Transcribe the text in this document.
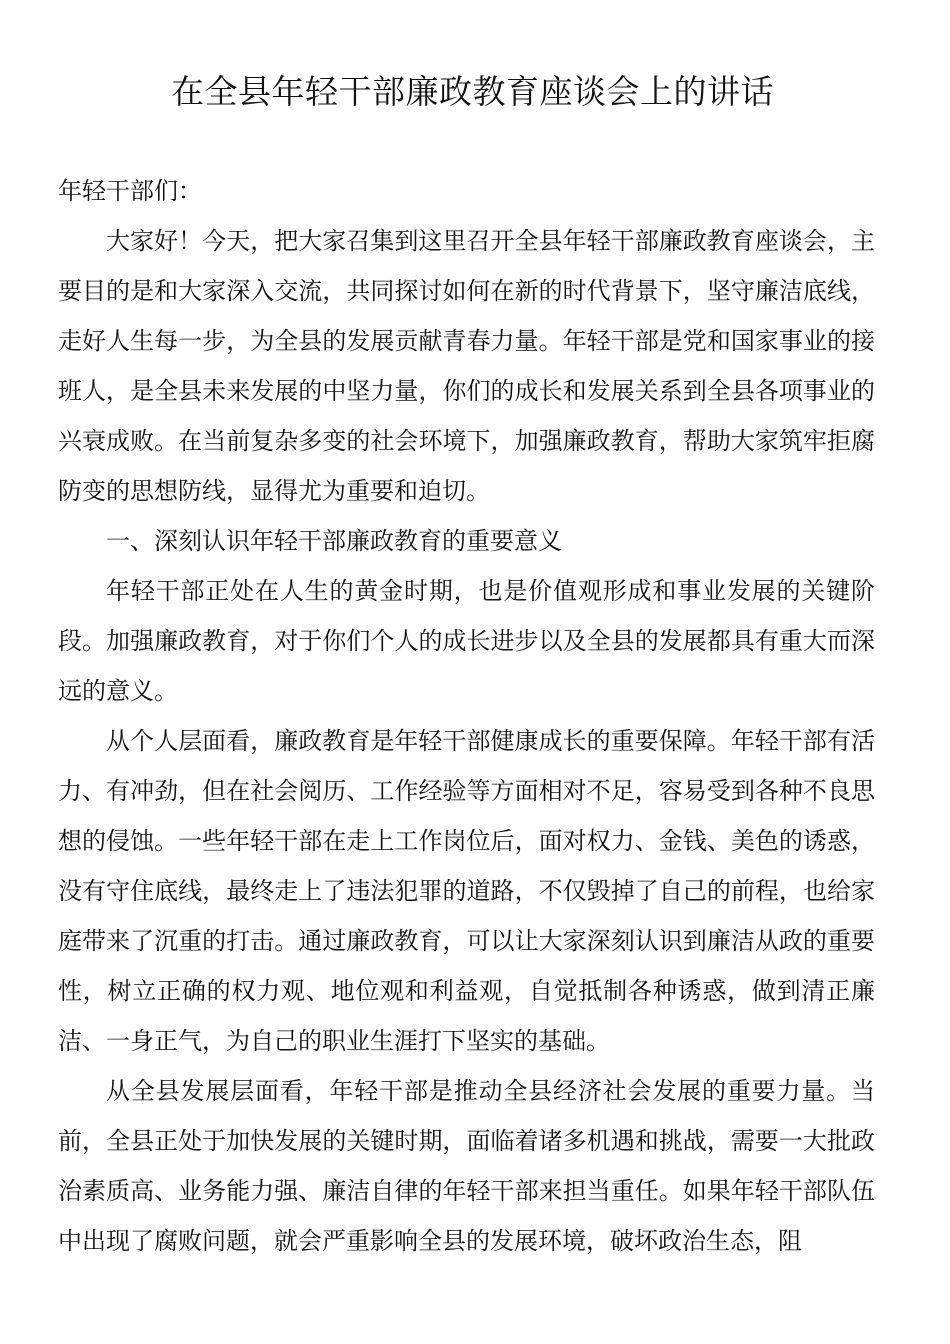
在全县年轻干部廉政教育座谈会上的讲话

年轻干部们：

大家好！今天，把大家召集到这里召开全县年轻干部廉政教育座谈会，主要目的是和大家深入交流，共同探讨如何在新的时代背景下，坚守廉洁底线，走好人生每一步，为全县的发展贡献青春力量。年轻干部是党和国家事业的接班人，是全县未来发展的中坚力量，你们的成长和发展关系到全县各项事业的兴衰成败。在当前复杂多变的社会环境下，加强廉政教育，帮助大家筑牢拒腐防变的思想防线，显得尤为重要和迫切。

一、深刻认识年轻干部廉政教育的重要意义

年轻干部正处在人生的黄金时期，也是价值观形成和事业发展的关键阶段。加强廉政教育，对于你们个人的成长进步以及全县的发展都具有重大而深远的意义。

从个人层面看，廉政教育是年轻干部健康成长的重要保障。年轻干部有活力、有冲劲，但在社会阅历、工作经验等方面相对不足，容易受到各种不良思想的侵蚀。一些年轻干部在走上工作岗位后，面对权力、金钱、美色的诱惑，没有守住底线，最终走上了违法犯罪的道路，不仅毁掉了自己的前程，也给家庭带来了沉重的打击。通过廉政教育，可以让大家深刻认识到廉洁从政的重要性，树立正确的权力观、地位观和利益观，自觉抵制各种诱惑，做到清正廉洁、一身正气，为自己的职业生涯打下坚实的基础。

从全县发展层面看，年轻干部是推动全县经济社会发展的重要力量。当前，全县正处于加快发展的关键时期，面临着诸多机遇和挑战，需要一大批政治素质高、业务能力强、廉洁自律的年轻干部来担当重任。如果年轻干部队伍中出现了腐败问题，就会严重影响全县的发展环境，破坏政治生态，阻
